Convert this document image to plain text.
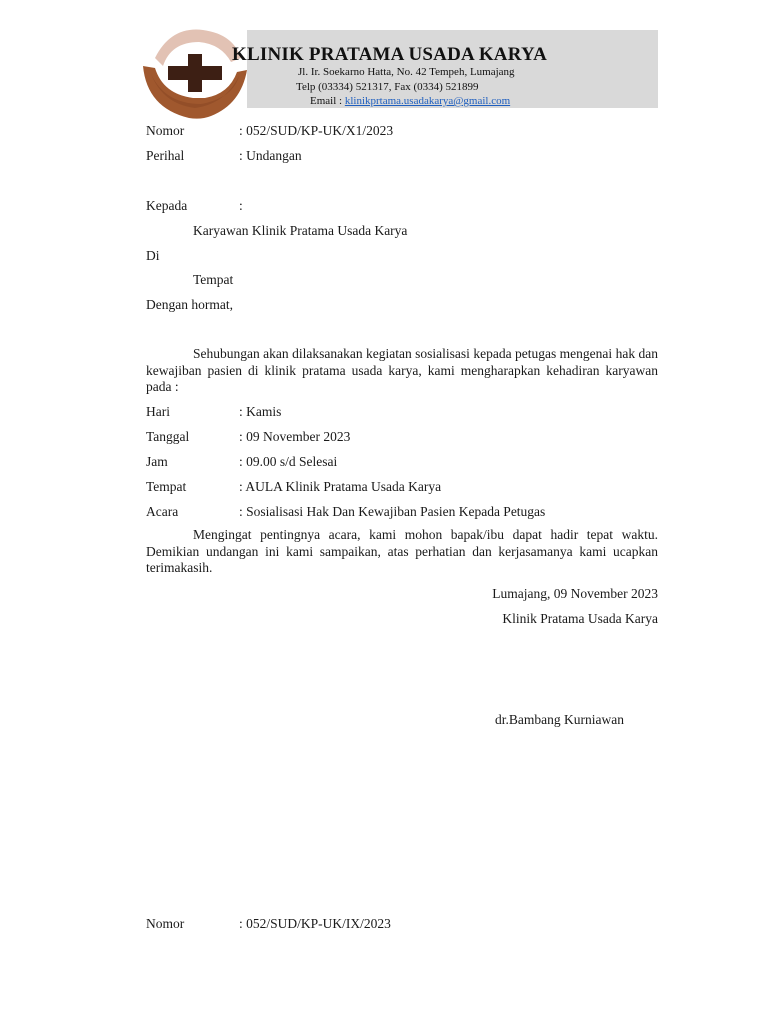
KLINIK PRATAMA USADA KARYA
Jl. Ir. Soekarno Hatta, No. 42 Tempeh, Lumajang
Telp (03334) 521317, Fax (0334) 521899
Email : klinikprtama.usadakarya@gmail.com
Nomor	: 052/SUD/KP-UK/X1/2023
Perihal	: Undangan
Kepada	:
Karyawan Klinik Pratama Usada Karya
Di
Tempat
Dengan hormat,
Sehubungan akan dilaksanakan kegiatan sosialisasi kepada petugas mengenai hak dan kewajiban pasien di klinik pratama usada karya, kami mengharapkan kehadiran karyawan pada :
Hari	: Kamis
Tanggal	: 09 November 2023
Jam	: 09.00 s/d Selesai
Tempat	: AULA Klinik Pratama Usada Karya
Acara	: Sosialisasi Hak Dan Kewajiban Pasien Kepada Petugas
Mengingat pentingnya acara, kami mohon bapak/ibu dapat hadir tepat waktu. Demikian undangan ini kami sampaikan, atas perhatian dan kerjasamanya kami ucapkan terimakasih.
Lumajang, 09 November 2023
Klinik Pratama Usada Karya
dr.Bambang Kurniawan
Nomor	: 052/SUD/KP-UK/IX/2023
